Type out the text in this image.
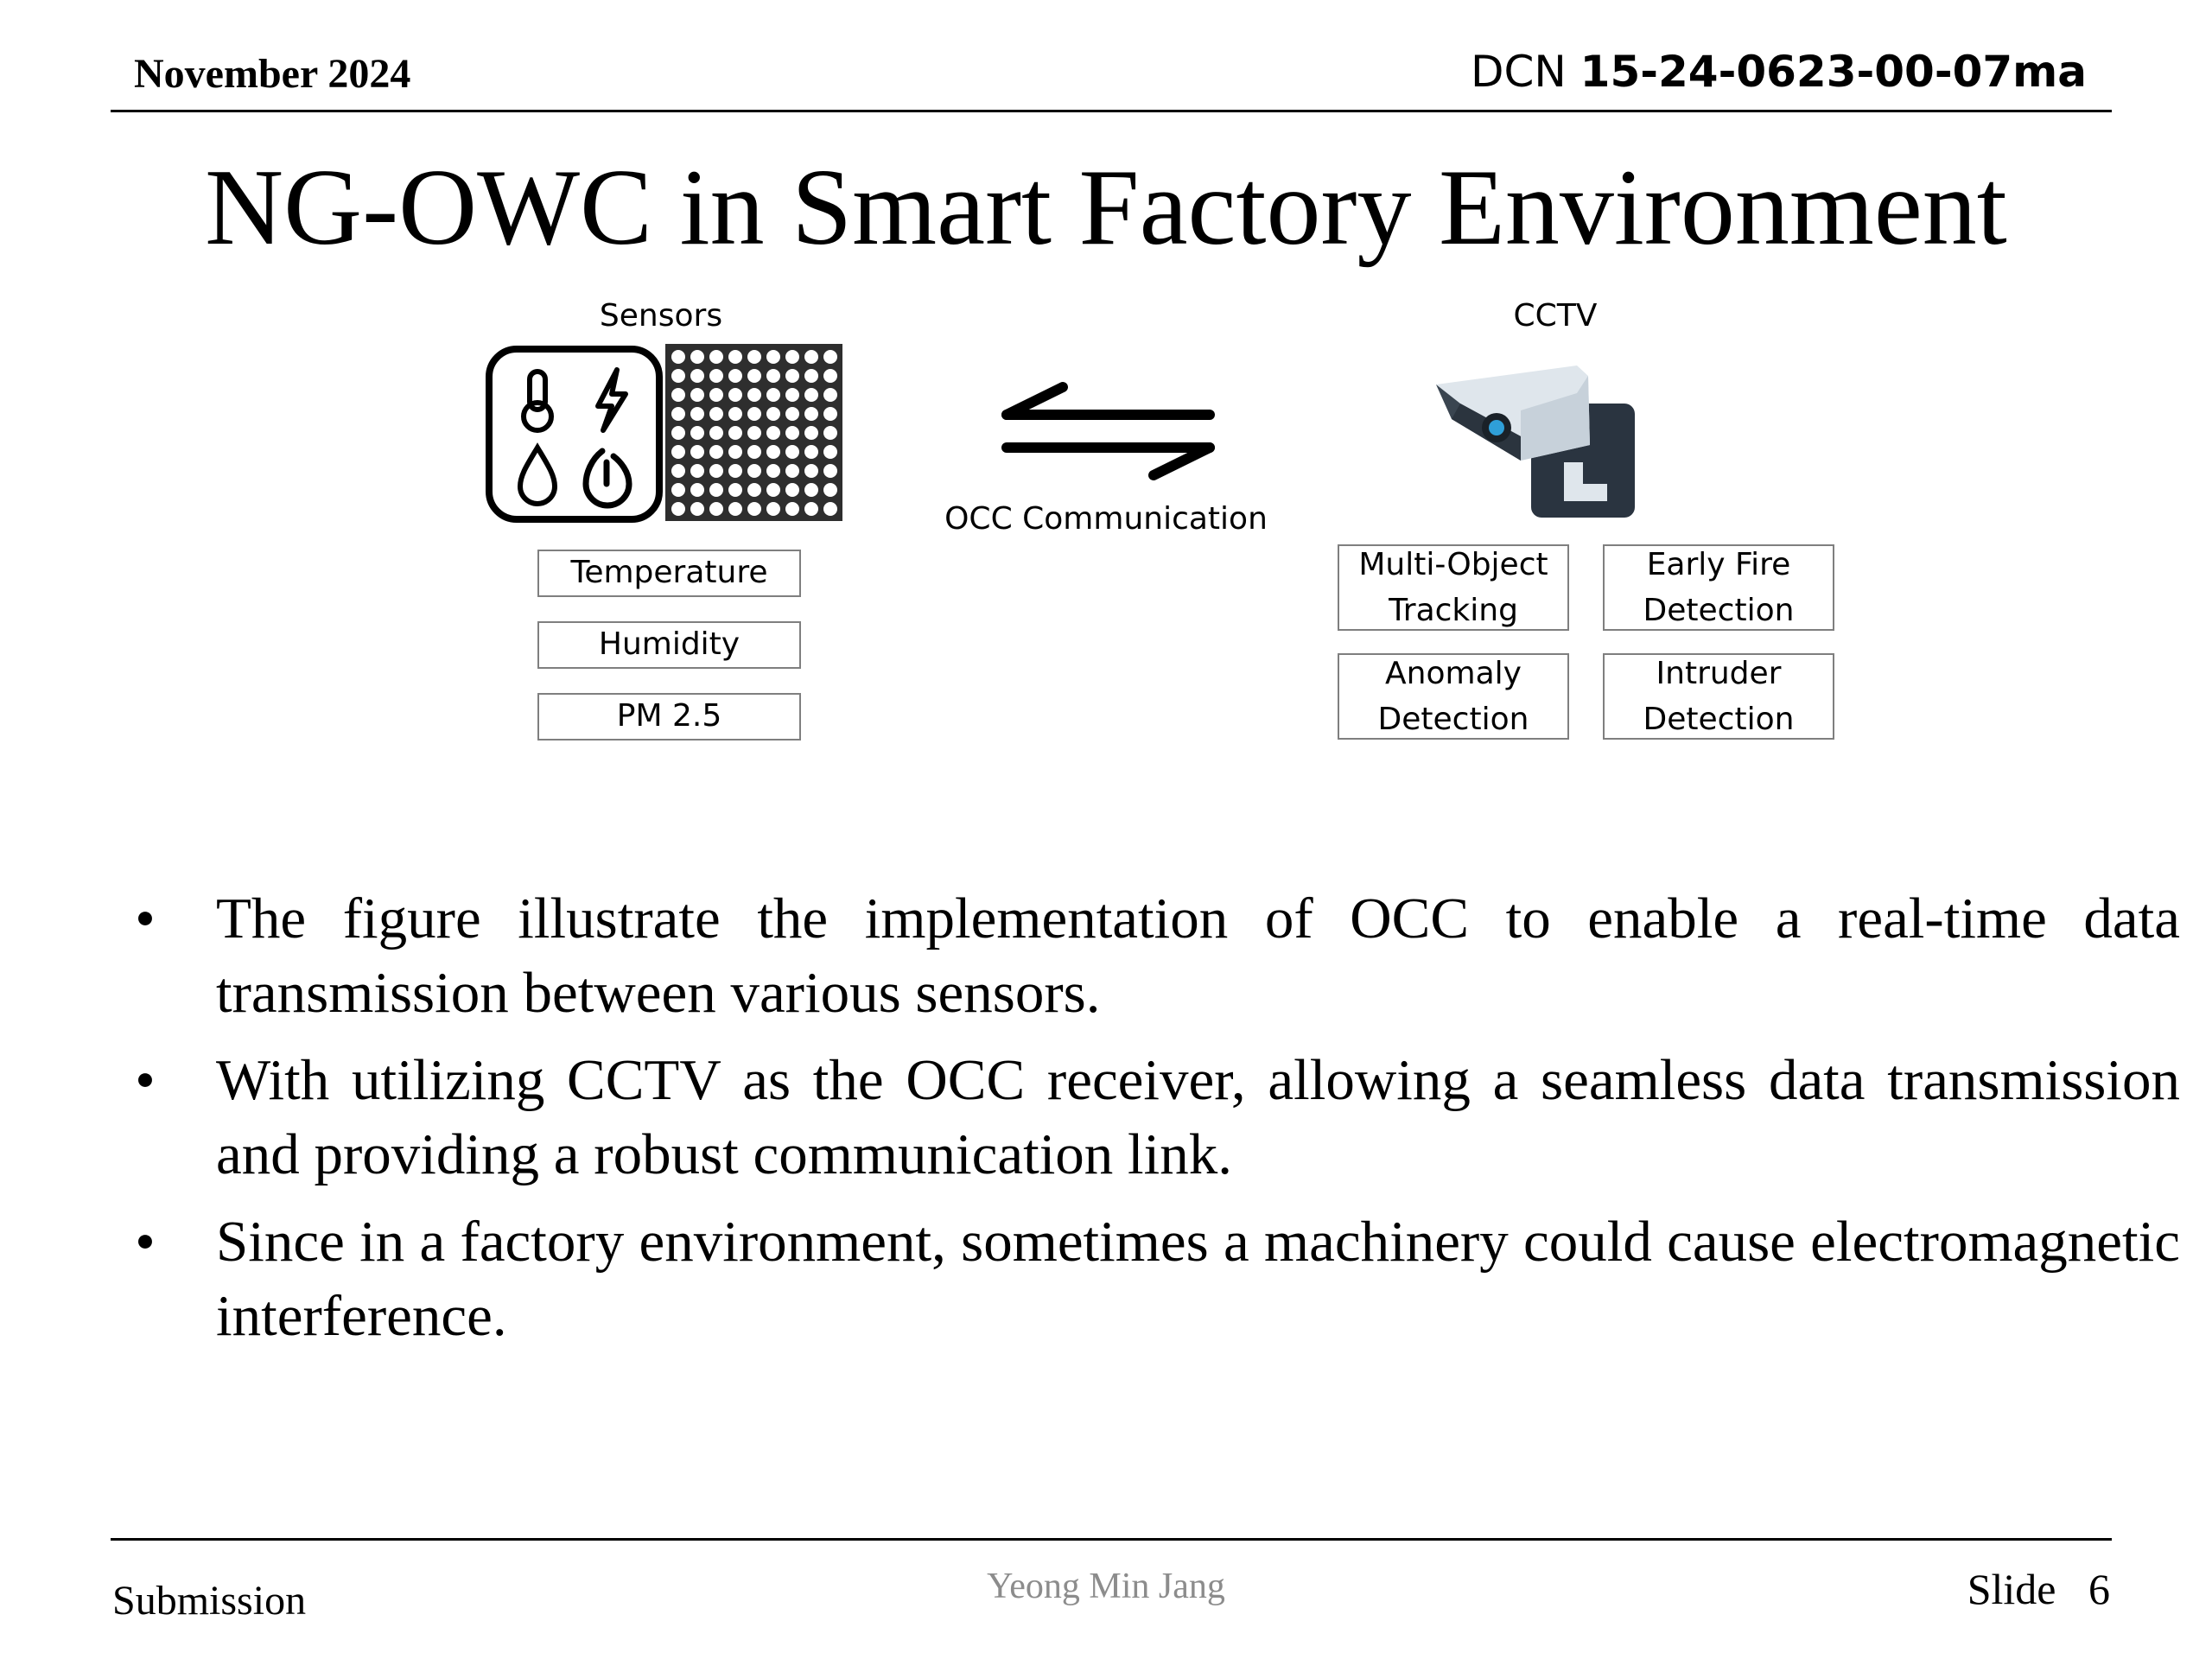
November 2024	DCN 15-24-0623-00-07ma
NG-OWC in Smart Factory Environment
Sensors	CCTV
OCC Communication
Temperature
Humidity
PM 2.5
Multi-Object
Tracking
Early Fire
Detection
Anomaly
Detection
Intruder
Detection
• The figure illustrate the implementation of OCC to enable a real-time data transmission between various sensors.
• With utilizing CCTV as the OCC receiver, allowing a seamless data transmission and providing a robust communication link.
• Since in a factory environment, sometimes a machinery could cause electromagnetic interference.
Submission	Yeong Min Jang	Slide 6
